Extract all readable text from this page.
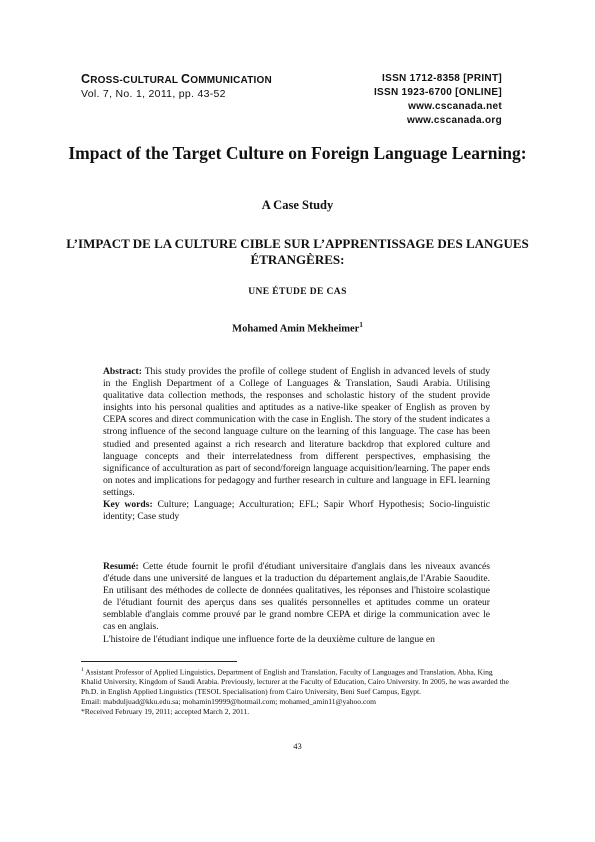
CROSS-CULTURAL COMMUNICATION
Vol. 7, No. 1, 2011, pp. 43-52
ISSN 1712-8358 [PRINT]
ISSN 1923-6700 [ONLINE]
www.cscanada.net
www.cscanada.org
Impact of the Target Culture on Foreign Language Learning:
A Case Study
L’IMPACT DE LA CULTURE CIBLE SUR L’APPRENTISSAGE DES LANGUES ÉTRANGÈRES:
UNE ÉTUDE DE CAS
Mohamed Amin Mekheimer$^1$

Abstract: This study provides the profile of college student of English in advanced levels of study in the English Department of a College of Languages & Translation, Saudi Arabia. Utilising qualitative data collection methods, the responses and scholastic history of the student provide insights into his personal qualities and aptitudes as a native-like speaker of English as proven by CEPA scores and direct communication with the case in English. The story of the student indicates a strong influence of the second language culture on the learning of this language. The case has been studied and presented against a rich research and literature backdrop that explored culture and language concepts and their interrelatedness from different perspectives, emphasising the significance of acculturation as part of second/foreign language acquisition/learning. The paper ends on notes and implications for pedagogy and further research in culture and language in EFL learning settings.

Key words: Culture; Language; Acculturation; EFL; Sapir Whorf Hypothesis; Socio-linguistic identity; Case study

Resumé: Cette étude fournit le profil d'étudiant universitaire d'anglais dans les niveaux avancés d'étude dans une université de langues et la traduction du département anglais,de l'Arabie Saoudite. En utilisant des méthodes de collecte de données qualitatives, les réponses and l'histoire scolastique de l'étudiant fournit des aperçus dans ses qualités personnelles et aptitudes comme un orateur semblable d'anglais comme prouvé par le grand nombre CEPA et dirige la communication avec le cas en anglais.

L'histoire de l'étudiant indique une influence forte de la deuxième culture de langue en

$^1$ Assistant Professor of Applied Linguistics, Department of English and Translation, Faculty of Languages and Translation, Abha, King Khalid University, Kingdom of Saudi Arabia. Previously, lecturer at the Faculty of Education, Cairo University. In 2005, he was awarded the Ph.D. in English Applied Linguistics (TESOL Specialisation) from Cairo University, Beni Suef Campus, Egypt.

Email: mabduljuad@kku.edu.sa; mohamin19999@hotmail.com; mohamed_amin11@yahoo.com

*Received February 19, 2011; accepted March 2, 2011.

43
